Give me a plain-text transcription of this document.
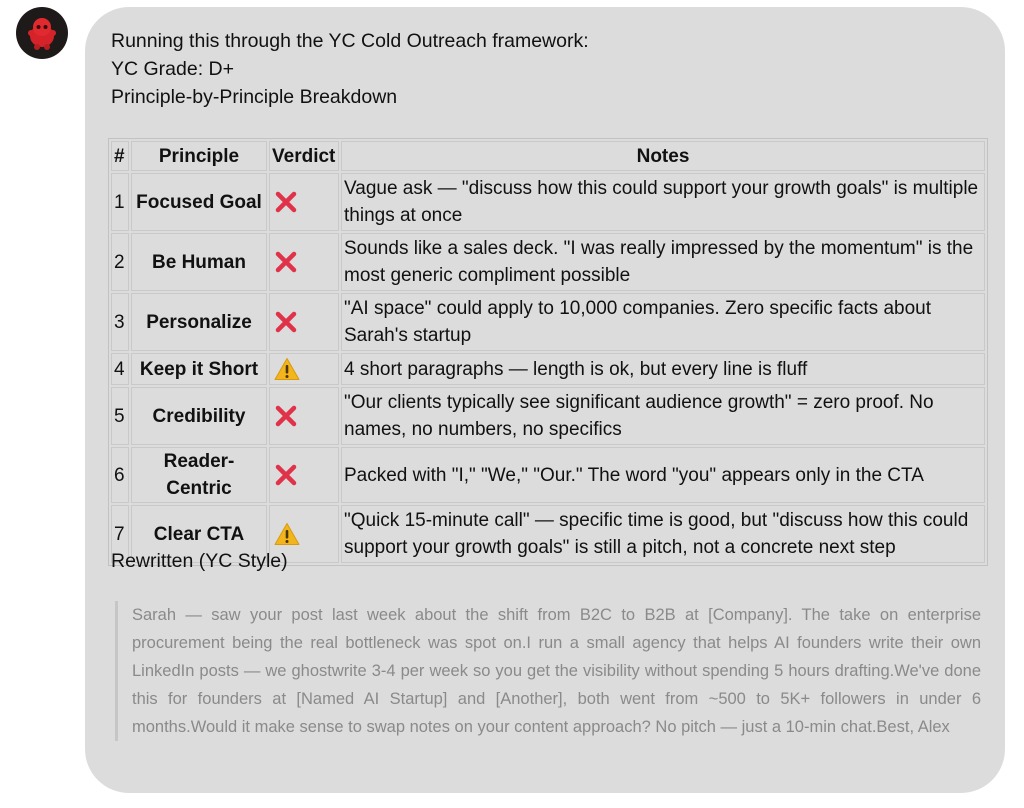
Running this through the YC Cold Outreach framework:
YC Grade: D+
Principle-by-Principle Breakdown
#	Principle	Verdict	Notes
1	Focused Goal		Vague ask — "discuss how this could support your growth goals" is multiple things at once
2	Be Human		Sounds like a sales deck. "I was really impressed by the momentum" is the most generic compliment possible
3	Personalize		"AI space" could apply to 10,000 companies. Zero specific facts about Sarah's startup
4	Keep it Short		4 short paragraphs — length is ok, but every line is fluff
5	Credibility		"Our clients typically see significant audience growth" = zero proof. No names, no numbers, no specifics
6	Reader-Centric		Packed with "I," "We," "Our." The word "you" appears only in the CTA
7	Clear CTA		"Quick 15-minute call" — specific time is good, but "discuss how this could support your growth goals" is still a pitch, not a concrete next step
Rewritten (YC Style)
Sarah — saw your post last week about the shift from B2C to B2B at [Company]. The take on enterprise procurement being the real bottleneck was spot on.I run a small agency that helps AI founders write their own LinkedIn posts — we ghostwrite 3-4 per week so you get the visibility without spending 5 hours drafting.We've done this for founders at [Named AI Startup] and [Another], both went from ~500 to 5K+ followers in under 6 months.Would it make sense to swap notes on your content approach? No pitch — just a 10-min chat.Best, Alex
